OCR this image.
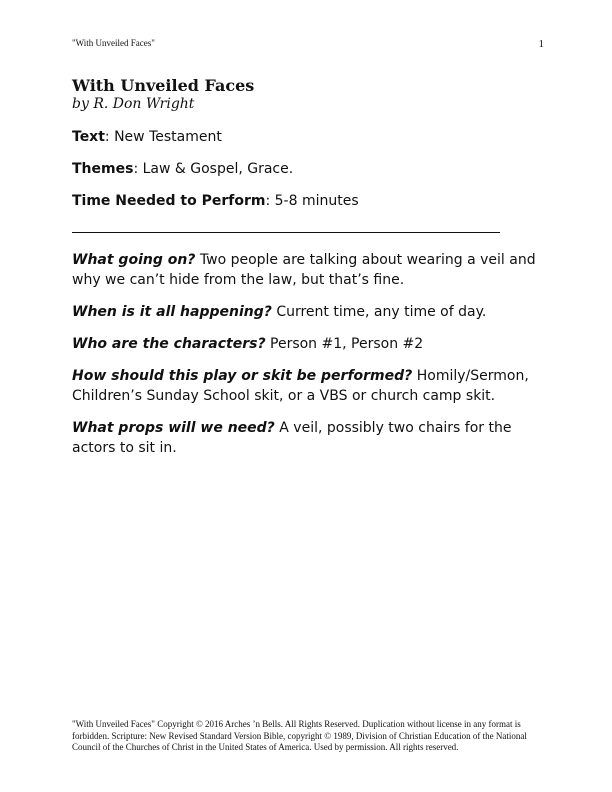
"With Unveiled Faces"	1
With Unveiled Faces
by R. Don Wright
Text: New Testament
Themes: Law & Gospel, Grace.
Time Needed to Perform: 5-8 minutes
What going on? Two people are talking about wearing a veil and why we can’t hide from the law, but that’s fine.
When is it all happening? Current time, any time of day.
Who are the characters? Person #1, Person #2
How should this play or skit be performed? Homily/Sermon, Children’s Sunday School skit, or a VBS or church camp skit.
What props will we need? A veil, possibly two chairs for the actors to sit in.
"With Unveiled Faces" Copyright © 2016 Arches ’n Bells. All Rights Reserved. Duplication without license in any format is forbidden. Scripture: New Revised Standard Version Bible, copyright © 1989, Division of Christian Education of the National Council of the Churches of Christ in the United States of America. Used by permission. All rights reserved.
